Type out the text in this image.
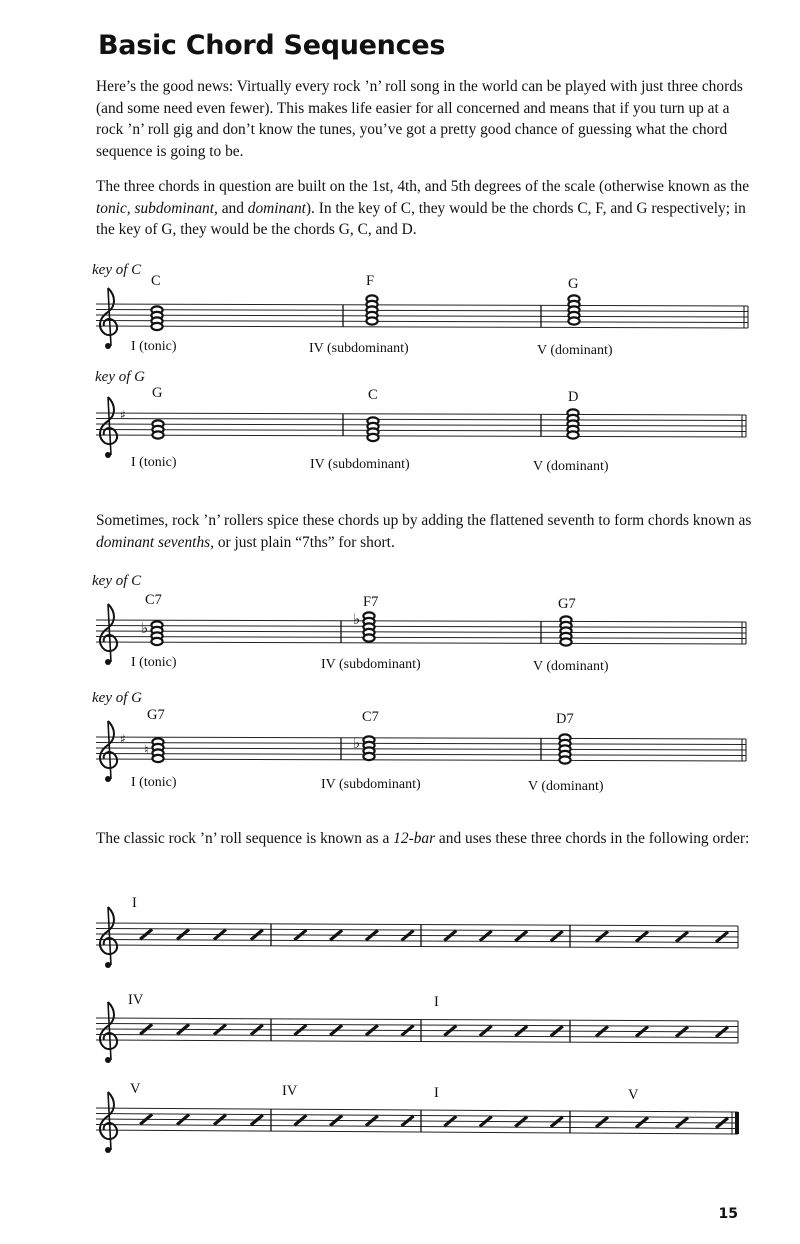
Basic Chord Sequences

Here’s the good news: Virtually every rock ’n’ roll song in the world can be played with just three chords (and some need even fewer). This makes life easier for all concerned and means that if you turn up at a rock ’n’ roll gig and don’t know the tunes, you’ve got a pretty good chance of guessing what the chord sequence is going to be.

The three chords in question are built on the 1st, 4th, and 5th degrees of the scale (otherwise known as the tonic, subdominant, and dominant). In the key of C, they would be the chords C, F, and G respectively; in the key of G, they would be the chords G, C, and D.

key of C
C	F	G
I (tonic)	IV (subdominant)	V (dominant)
key of G
G	C	D
I (tonic)	IV (subdominant)	V (dominant)

Sometimes, rock ’n’ rollers spice these chords up by adding the flattened seventh to form chords known as dominant sevenths, or just plain “7ths” for short.

key of C
C7	F7	G7
I (tonic)	IV (subdominant)	V (dominant)
key of G
G7	C7	D7
I (tonic)	IV (subdominant)	V (dominant)

The classic rock ’n’ roll sequence is known as a 12-bar and uses these three chords in the following order:

I
IV	I
V	IV	I	V
♯
♭	♭
♯
♮	♭
15
